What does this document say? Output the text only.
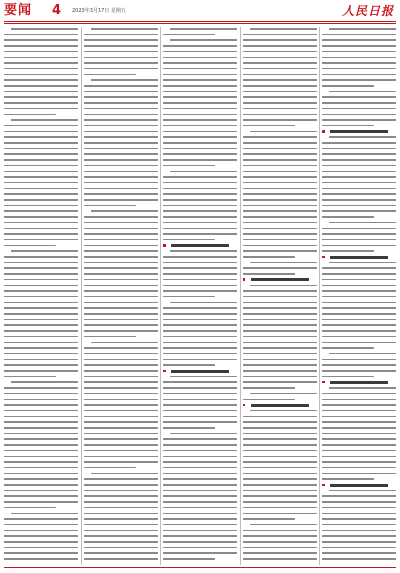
要闻 4 2023年3月17日 星期五	人民日报
